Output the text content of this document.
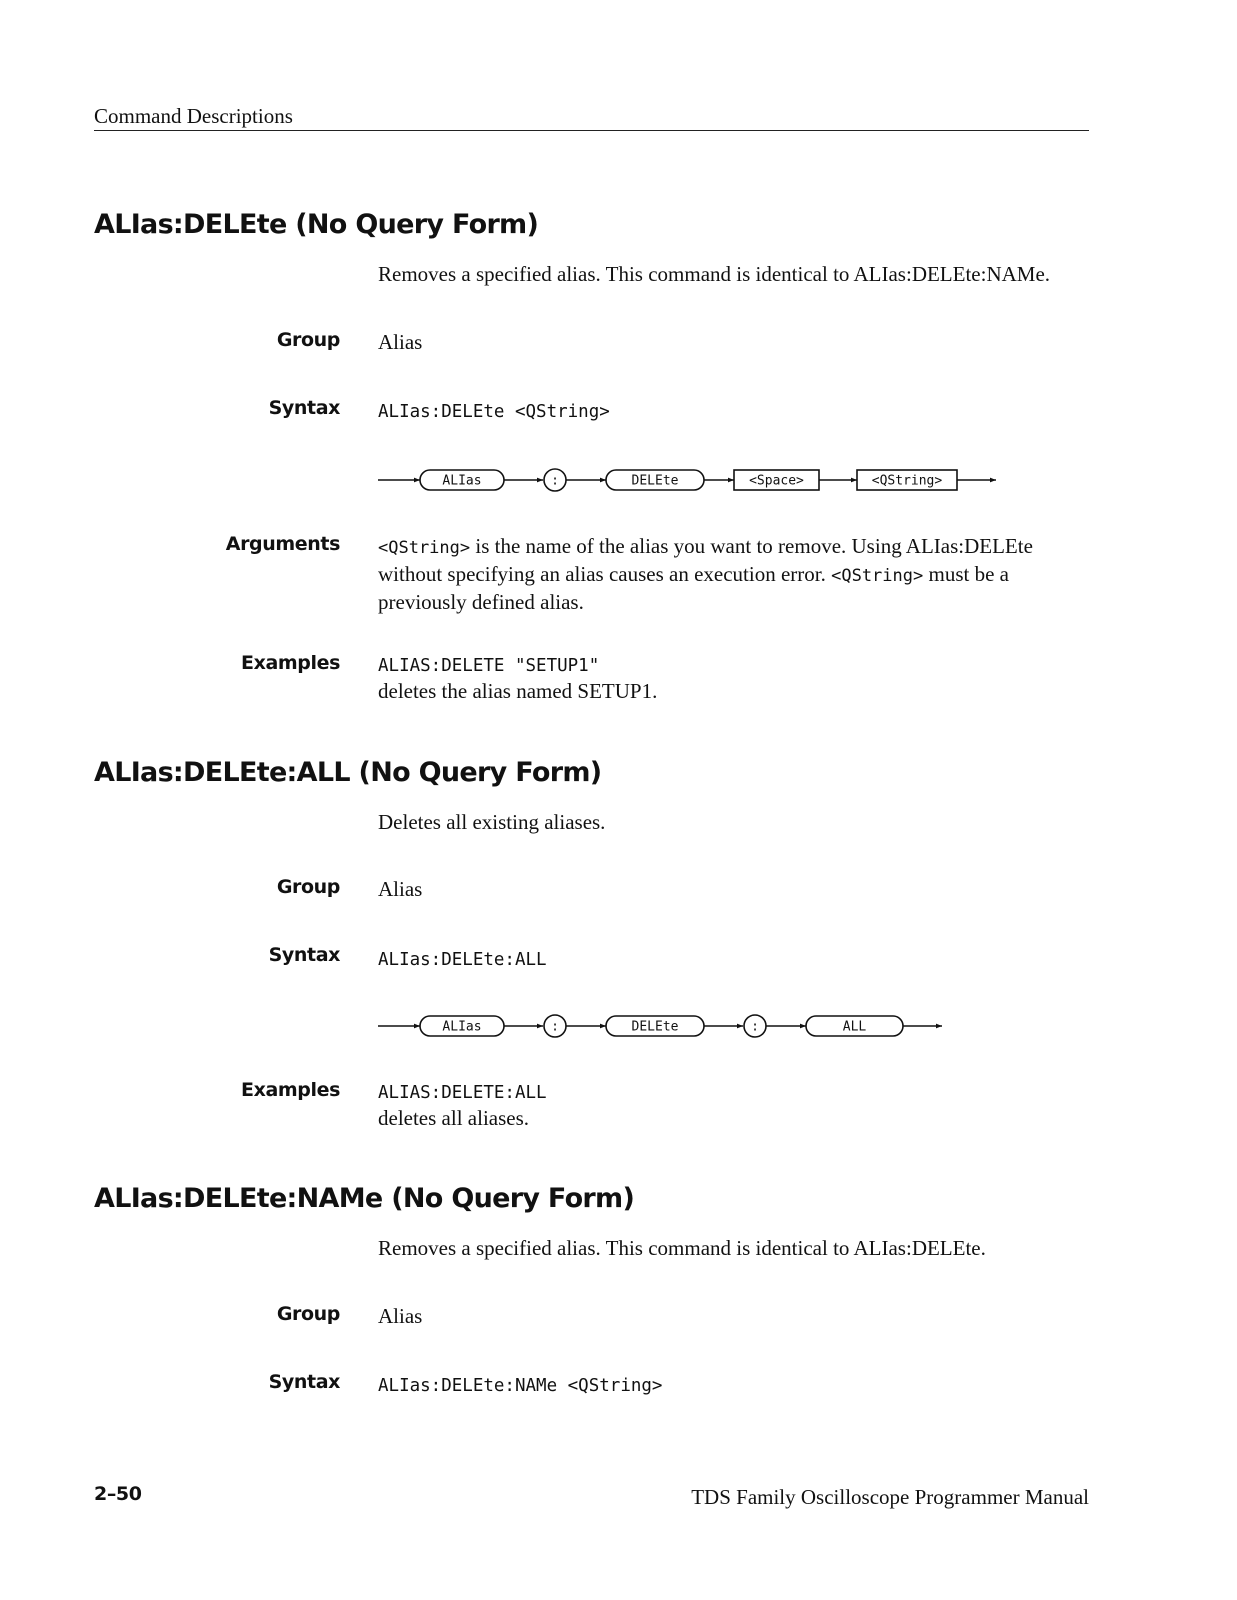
Command Descriptions
ALIas:DELEte (No Query Form)
Removes a specified alias. This command is identical to ALIas:DELEte:NAMe.
Group Alias
Syntax ALIas:DELEte <QString>
ALIas	:	DELEte	<Space>	<QString>
Arguments <QString> is the name of the alias you want to remove. Using ALIas:DELEte without specifying an alias causes an execution error. <QString> must be a previously defined alias.
Examples ALIAS:DELETE "SETUP1"
deletes the alias named SETUP1.
ALIas:DELEte:ALL (No Query Form)
Deletes all existing aliases.
Group Alias
Syntax ALIas:DELEte:ALL
ALIas	:	DELEte	:	ALL
Examples ALIAS:DELETE:ALL
deletes all aliases.
ALIas:DELEte:NAMe (No Query Form)
Removes a specified alias. This command is identical to ALIas:DELEte.
Group Alias
Syntax ALIas:DELEte:NAMe <QString>
2–50	TDS Family Oscilloscope Programmer Manual
